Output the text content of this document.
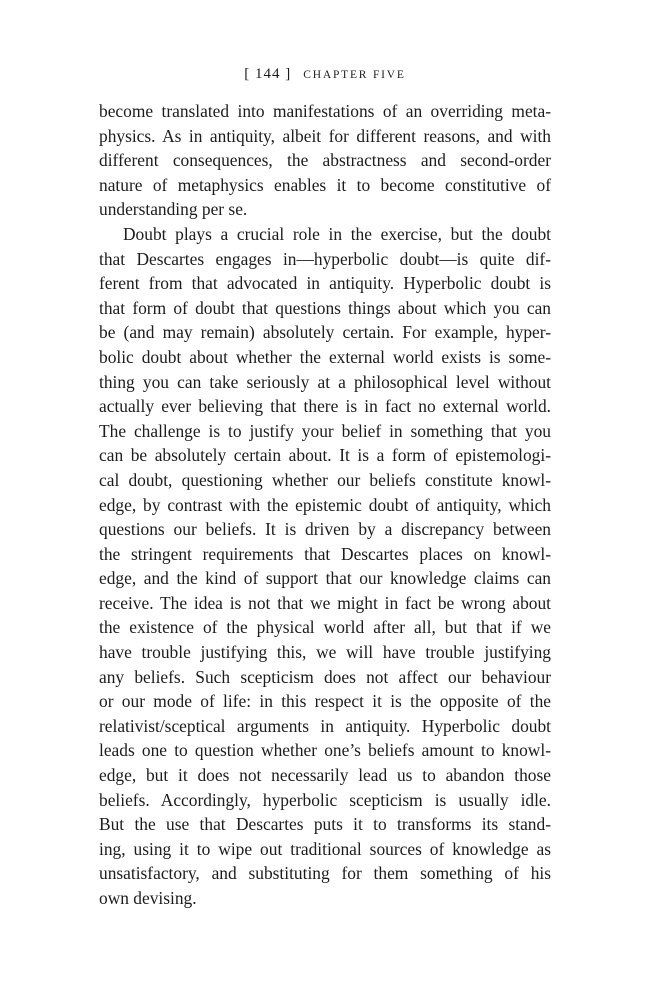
[ 144 ] CHAPTER FIVE
become translated into manifestations of an overriding meta-
physics. As in antiquity, albeit for different reasons, and with
different consequences, the abstractness and second-order
nature of metaphysics enables it to become constitutive of
understanding per se.
Doubt plays a crucial role in the exercise, but the doubt
that Descartes engages in—hyperbolic doubt—is quite dif-
ferent from that advocated in antiquity. Hyperbolic doubt is
that form of doubt that questions things about which you can
be (and may remain) absolutely certain. For example, hyper-
bolic doubt about whether the external world exists is some-
thing you can take seriously at a philosophical level without
actually ever believing that there is in fact no external world.
The challenge is to justify your belief in something that you
can be absolutely certain about. It is a form of epistemologi-
cal doubt, questioning whether our beliefs constitute knowl-
edge, by contrast with the epistemic doubt of antiquity, which
questions our beliefs. It is driven by a discrepancy between
the stringent requirements that Descartes places on knowl-
edge, and the kind of support that our knowledge claims can
receive. The idea is not that we might in fact be wrong about
the existence of the physical world after all, but that if we
have trouble justifying this, we will have trouble justifying
any beliefs. Such scepticism does not affect our behaviour
or our mode of life: in this respect it is the opposite of the
relativist/sceptical arguments in antiquity. Hyperbolic doubt
leads one to question whether one’s beliefs amount to knowl-
edge, but it does not necessarily lead us to abandon those
beliefs. Accordingly, hyperbolic scepticism is usually idle.
But the use that Descartes puts it to transforms its stand-
ing, using it to wipe out traditional sources of knowledge as
unsatisfactory, and substituting for them something of his
own devising.
